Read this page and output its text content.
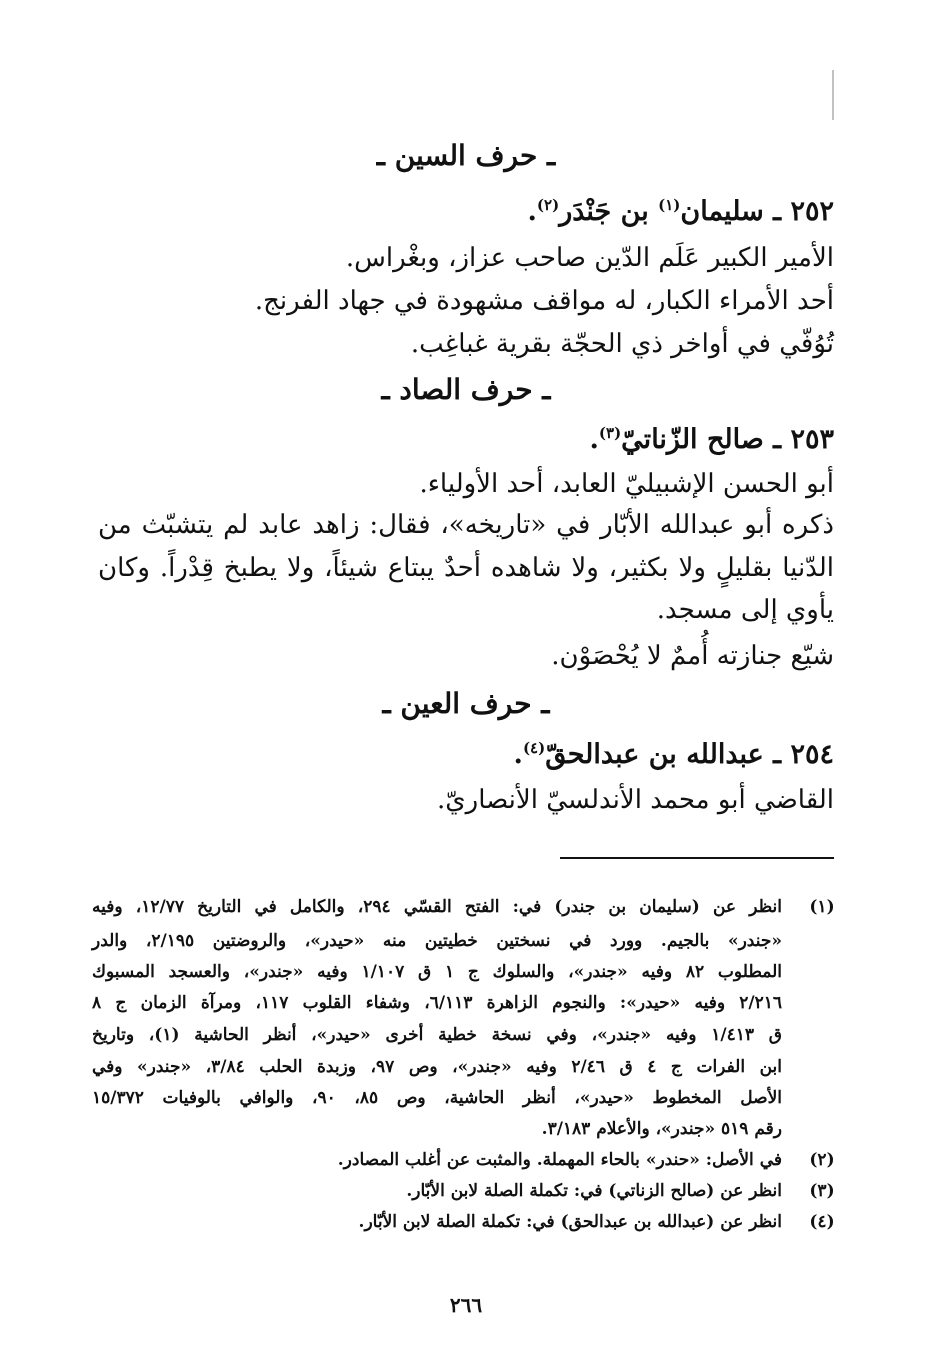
ـ حرف السين ـ
٢٥٢ ـ سليمان$^{(١)}$ بن جَنْدَر$^{(٢)}$.
الأمير الكبير عَلَم الدّين صاحب عزاز، وبغْراس.
أحد الأمراء الكبار، له مواقف مشهودة في جهاد الفرنج.
تُوُفّي في أواخر ذي الحجّة بقرية غباغِب.
ـ حرف الصاد ـ
٢٥٣ ـ صالح الزّناتيّ$^{(٣)}$.
أبو الحسن الإشبيليّ العابد، أحد الأولياء.
ذكره أبو عبدالله الأبّار في «تاريخه»، فقال: زاهد عابد لم يتشبّث من
الدّنيا بقليلٍ ولا بكثير، ولا شاهده أحدٌ يبتاع شيئاً، ولا يطبخ قِدْراً. وكان
يأوي إلى مسجد.
شيّع جنازته أُممٌ لا يُحْصَوْن.
ـ حرف العين ـ
٢٥٤ ـ عبدالله بن عبدالحقّ$^{(٤)}$.
القاضي أبو محمد الأندلسيّ الأنصاريّ.
(١)
انظر عن (سليمان بن جندر) في: الفتح القسّي ٢٩٤، والكامل في التاريخ ١٢/٧٧، وفيه
«جندر» بالجيم. وورد في نسختين خطيتين منه «حيدر»، والروضتين ٢/١٩٥، والدر
المطلوب ٨٢ وفيه «جندر»، والسلوك ج ١ ق ١/١٠٧ وفيه «جندر»، والعسجد المسبوك
٢/٢١٦ وفيه «حيدر»: والنجوم الزاهرة ٦/١١٣، وشفاء القلوب ١١٧، ومرآة الزمان ج ٨
ق ١/٤١٣ وفيه «جندر»، وفي نسخة خطية أخرى «حيدر»، أنظر الحاشية (١)، وتاريخ
ابن الفرات ج ٤ ق ٢/٤٦ وفيه «جندر»، وص ٩٧، وزبدة الحلب ٣/٨٤، «جندر» وفي
الأصل المخطوط «حيدر»، أنظر الحاشية، وص ٨٥، ٩٠، والوافي بالوفيات ١٥/٣٧٢
رقم ٥١٩ «جندر»، والأعلام ٣/١٨٣.
(٢)
في الأصل: «حندر» بالحاء المهملة. والمثبت عن أغلب المصادر.
(٣)
انظر عن (صالح الزناتي) في: تكملة الصلة لابن الأبّار.
(٤)
انظر عن (عبدالله بن عبدالحق) في: تكملة الصلة لابن الأبّار.
٢٦٦
